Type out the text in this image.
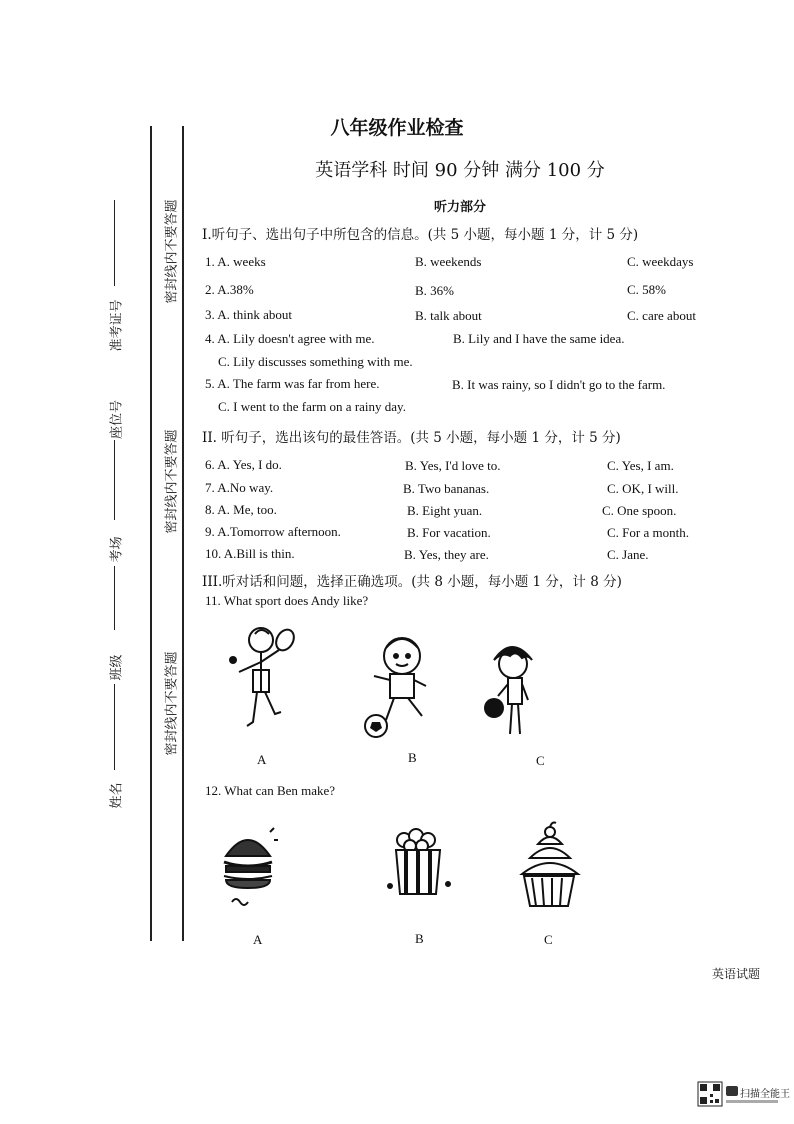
密封线内不要答题
密封线内不要答题
密封线内不要答题
准考证号
座位号
考场
班级
姓名
八年级作业检查
英语学科 时间 90 分钟 满分 100 分
听力部分
I.听句子、选出句子中所包含的信息。(共 5 小题，每小题 1 分，计 5 分)
1. A. weeks	B. weekends	C. weekdays
2. A.38%	B. 36%	C. 58%
3. A. think about	B. talk about	C. care about
4. A. Lily doesn't agree with me.	B. Lily and I have the same idea.
C. Lily discusses something with me.
5. A. The farm was far from here.	B. It was rainy, so I didn't go to the farm.
C. I went to the farm on a rainy day.
II. 听句子，选出该句的最佳答语。(共 5 小题，每小题 1 分，计 5 分)
6. A. Yes, I do.	B. Yes, I'd love to.	C. Yes, I am.
7. A.No way.	B. Two bananas.	C. OK, I will.
8. A. Me, too.	B. Eight yuan.	C. One spoon.
9. A.Tomorrow afternoon.	B. For vacation.	C. For a month.
10. A.Bill is thin.	B. Yes, they are.	C. Jane.
III.听对话和问题，选择正确选项。(共 8 小题，每小题 1 分，计 8 分)
11. What sport does Andy like?
A	B	C
12. What can Ben make?
A	B	C
英语试题
扫描全能王
